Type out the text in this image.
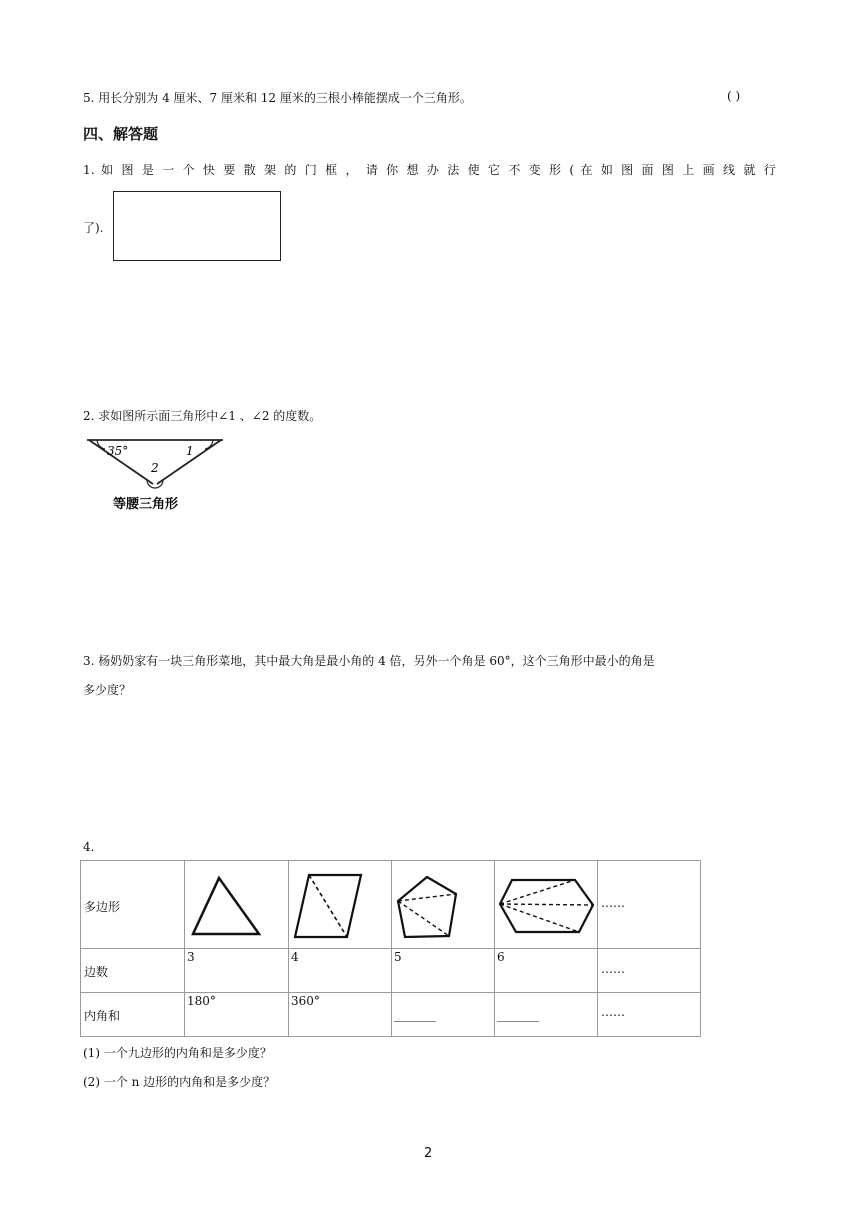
5. 用长分别为 4 厘米、7 厘米和 12 厘米的三根小棒能摆成一个三角形。	( )
四、解答题
1. 如 图 是 一 个 快 要 散 架 的 门 框 ， 请 你 想 办 法 使 它 不 变 形 ( 在 如 图 面 图 上 画 线 就 行
了).
2. 求如图所示面三角形中∠1 、∠2 的度数。
35°	1
2
等腰三角形
3. 杨奶奶家有一块三角形菜地，其中最大角是最小角的 4 倍，另外一个角是 60°，这个三角形中最小的角是
多少度？
4.
多边形					……

边数	3	4	5	6	……

内角和	180°	360°			……
(1) 一个九边形的内角和是多少度？
(2) 一个 n 边形的内角和是多少度？
2
